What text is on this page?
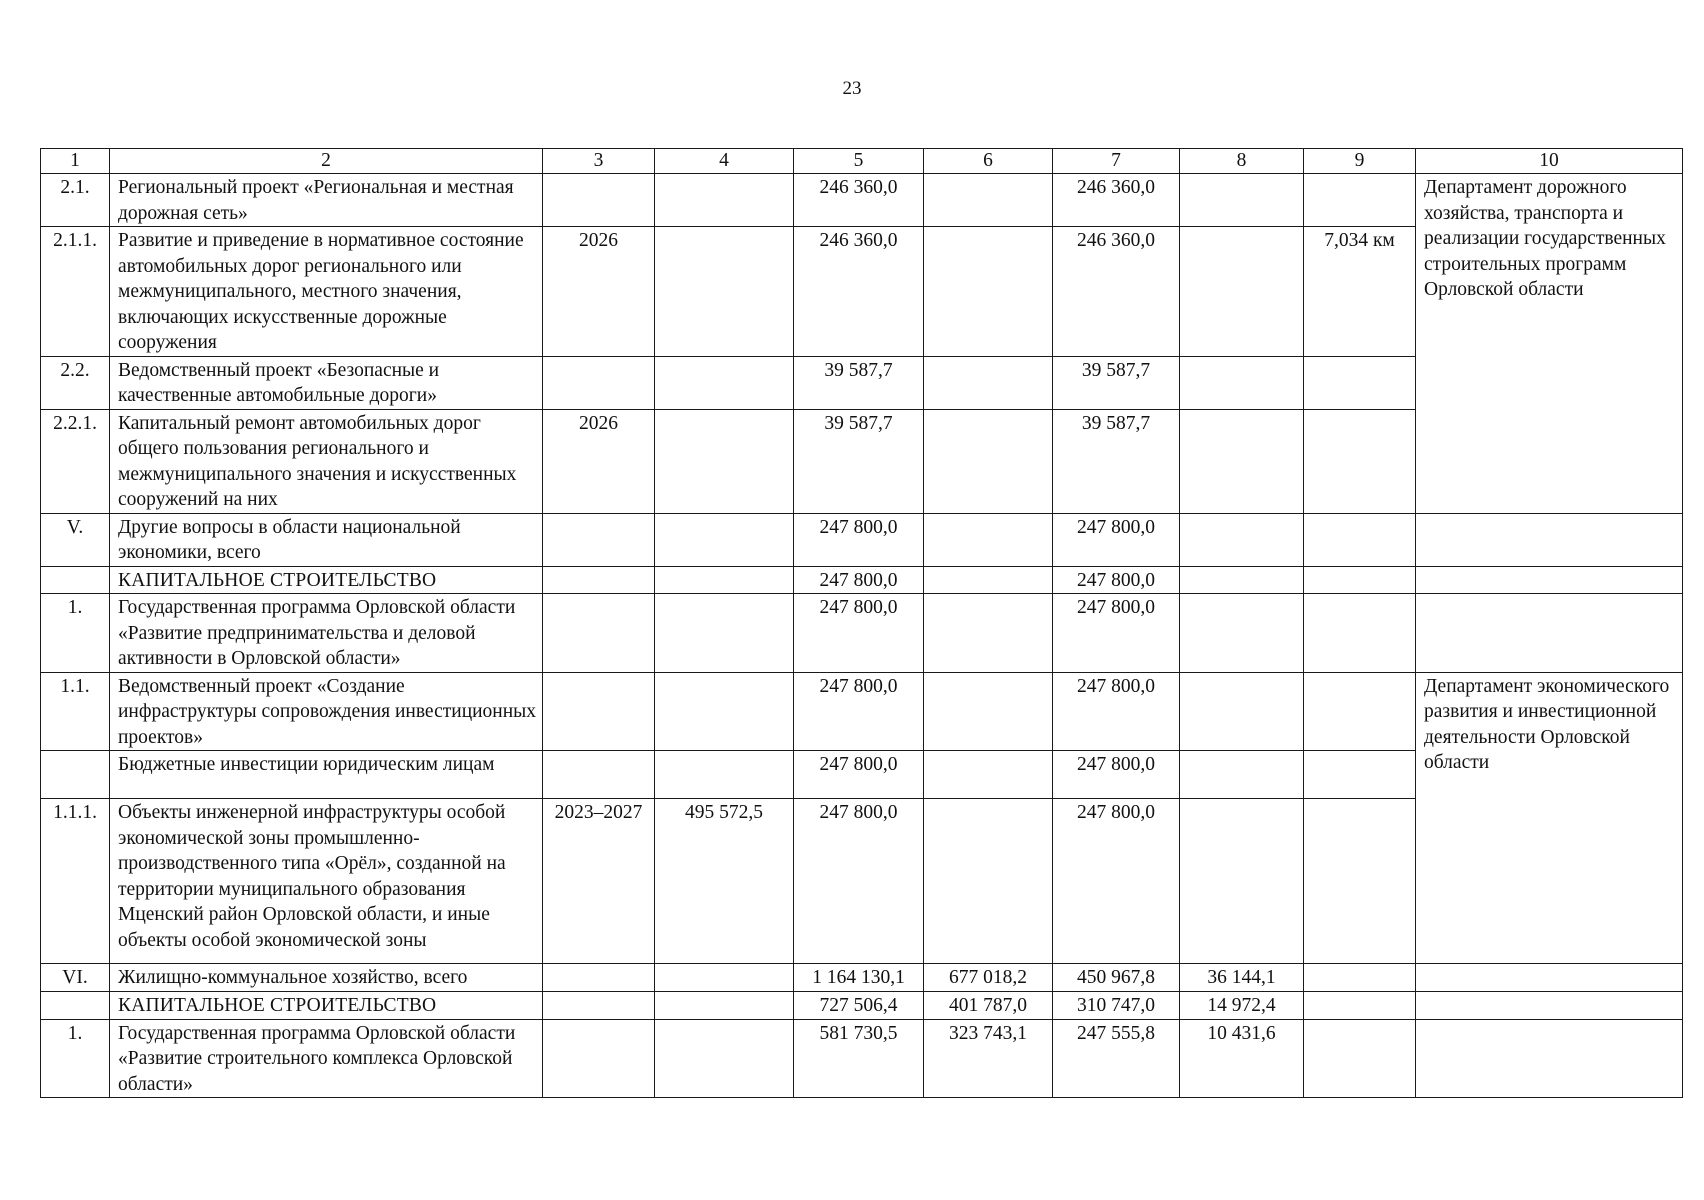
23
1	2	3	4	5	6	7	8	9	10
2.1.	Региональный проект «Региональная и местная дорожная сеть»			246 360,0		246 360,0			Департамент дорожного хозяйства, транспорта и реализации государственных строительных программ Орловской области
2.1.1.	Развитие и приведение в нормативное состояние автомобильных дорог регионального или межмуниципального, местного значения, включающих искусственные дорожные сооружения	2026		246 360,0		246 360,0		7,034 км	
2.2.	Ведомственный проект «Безопасные и качественные автомобильные дороги»			39 587,7		39 587,7			
2.2.1.	Капитальный ремонт автомобильных дорог общего пользования регионального и межмуниципального значения и искусственных сооружений на них	2026		39 587,7		39 587,7			
V.	Другие вопросы в области национальной экономики, всего			247 800,0		247 800,0			
	КАПИТАЛЬНОЕ СТРОИТЕЛЬСТВО			247 800,0		247 800,0			
1.	Государственная программа Орловской области «Развитие предпринимательства и деловой активности в Орловской области»			247 800,0		247 800,0			
1.1.	Ведомственный проект «Создание инфраструктуры сопровождения инвестиционных проектов»			247 800,0		247 800,0			Департамент экономического развития и инвестиционной деятельности Орловской области
	Бюджетные инвестиции юридическим лицам			247 800,0		247 800,0			
1.1.1.	Объекты инженерной инфраструктуры особой экономической зоны промышленно-производственного типа «Орёл», созданной на территории муниципального образования Мценский район Орловской области, и иные объекты особой экономической зоны	2023–2027	495 572,5	247 800,0		247 800,0			
VI.	Жилищно-коммунальное хозяйство, всего			1 164 130,1	677 018,2	450 967,8	36 144,1		
	КАПИТАЛЬНОЕ СТРОИТЕЛЬСТВО			727 506,4	401 787,0	310 747,0	14 972,4		
1.	Государственная программа Орловской области «Развитие строительного комплекса Орловской области»			581 730,5	323 743,1	247 555,8	10 431,6		
